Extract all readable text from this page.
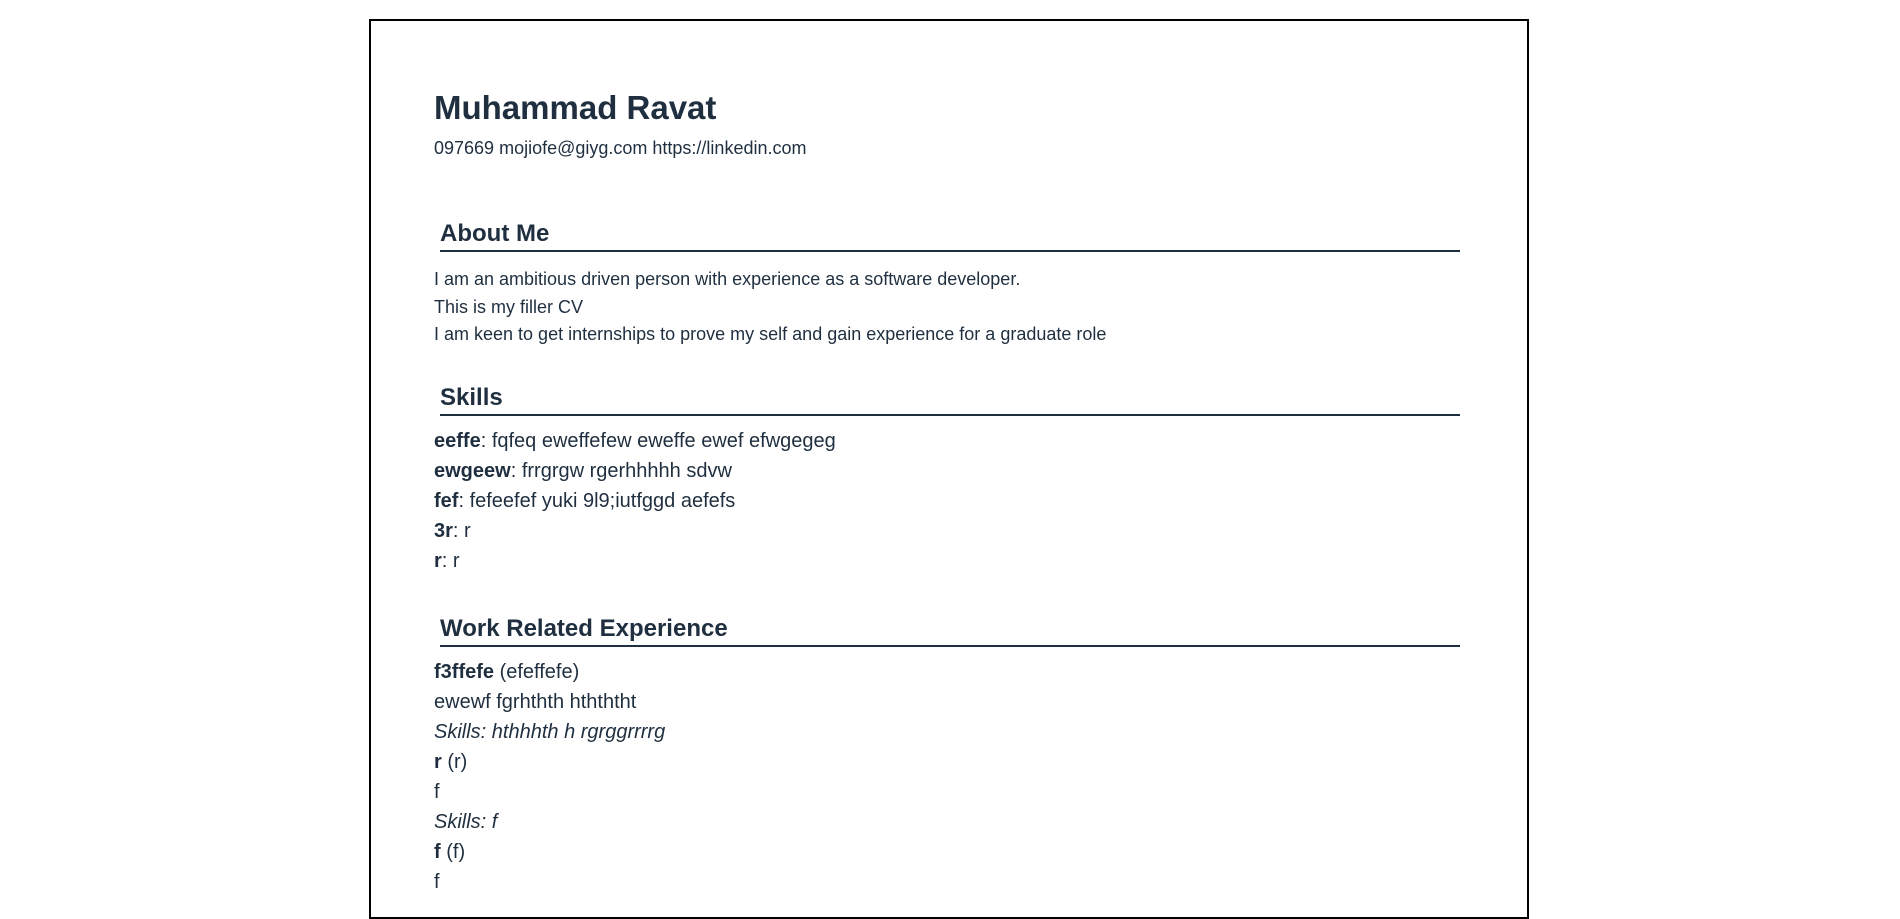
Muhammad Ravat
097669 mojiofe@giyg.com https://linkedin.com
About Me
I am an ambitious driven person with experience as a software developer.
This is my filler CV
I am keen to get internships to prove my self and gain experience for a graduate role
Skills
eeffe: fqfeq eweffefew eweffe ewef efwgegeg
ewgeew: frrgrgw rgerhhhhh sdvw
fef: fefeefef yuki 9l9;iutfggd aefefs
3r: r
r: r
Work Related Experience
f3ffefe (efeffefe)
ewewf fgrhthth hthththt
Skills: hthhhth h rgrggrrrrg
r (r)
f
Skills: f
f (f)
f
